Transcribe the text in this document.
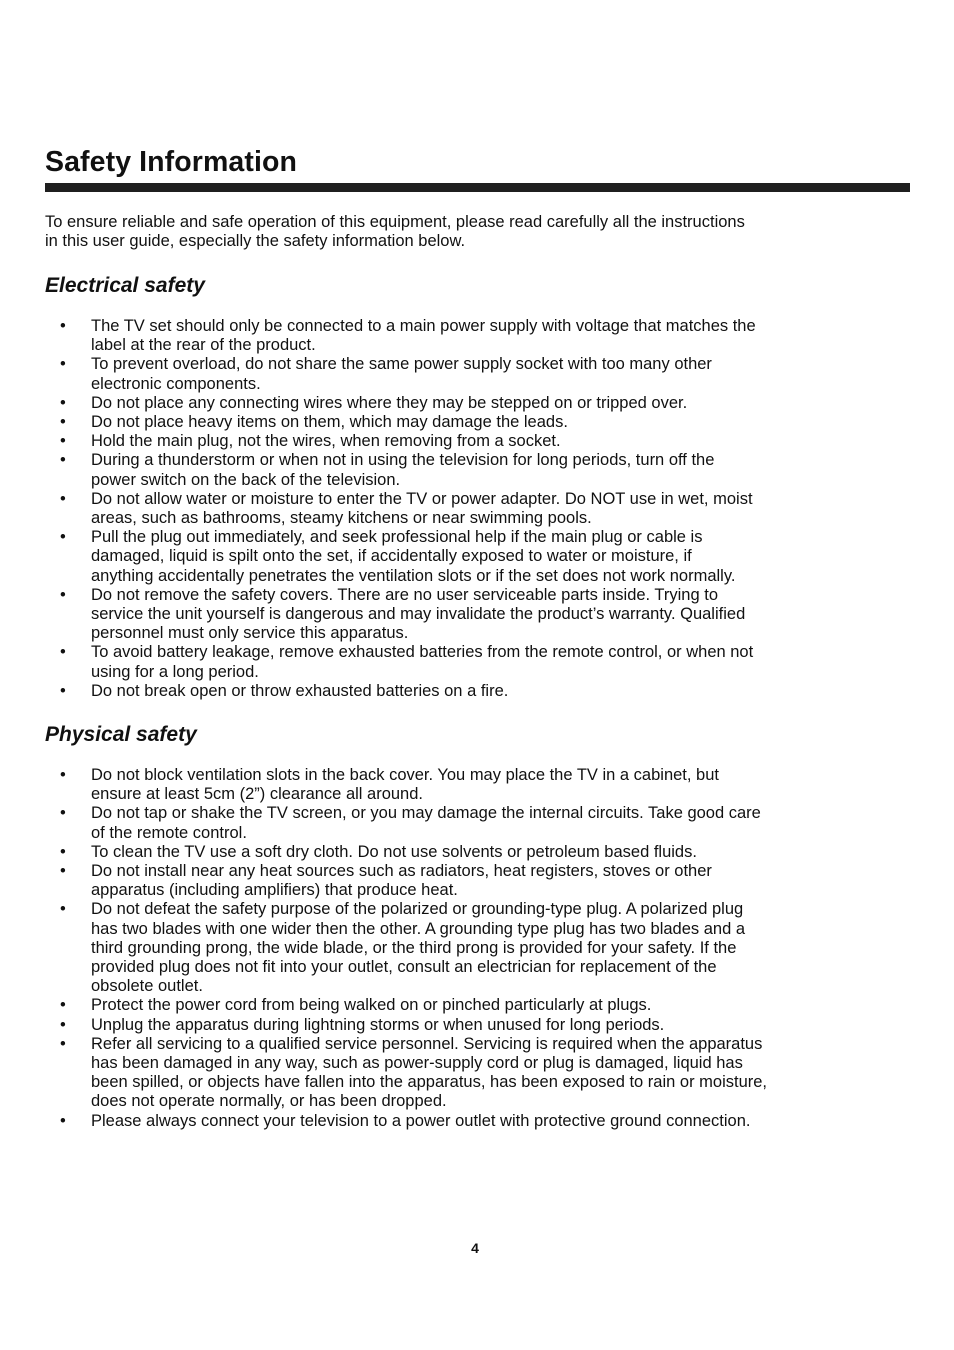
Safety Information

To ensure reliable and safe operation of this equipment, please read carefully all the instructions
in this user guide, especially the safety information below.

Electrical safety
• The TV set should only be connected to a main power supply with voltage that matches the
label at the rear of the product.
• To prevent overload, do not share the same power supply socket with too many other
electronic components.
• Do not place any connecting wires where they may be stepped on or tripped over.
• Do not place heavy items on them, which may damage the leads.
• Hold the main plug, not the wires, when removing from a socket.
• During a thunderstorm or when not in using the television for long periods, turn off the
power switch on the back of the television.
• Do not allow water or moisture to enter the TV or power adapter. Do NOT use in wet, moist
areas, such as bathrooms, steamy kitchens or near swimming pools.
• Pull the plug out immediately, and seek professional help if the main plug or cable is
damaged, liquid is spilt onto the set, if accidentally exposed to water or moisture, if
anything accidentally penetrates the ventilation slots or if the set does not work normally.
• Do not remove the safety covers. There are no user serviceable parts inside. Trying to
service the unit yourself is dangerous and may invalidate the product’s warranty. Qualified
personnel must only service this apparatus.
• To avoid battery leakage, remove exhausted batteries from the remote control, or when not
using for a long period.
• Do not break open or throw exhausted batteries on a fire.
Physical safety
• Do not block ventilation slots in the back cover. You may place the TV in a cabinet, but
ensure at least 5cm (2”) clearance all around.
• Do not tap or shake the TV screen, or you may damage the internal circuits. Take good care
of the remote control.
• To clean the TV use a soft dry cloth. Do not use solvents or petroleum based fluids.
• Do not install near any heat sources such as radiators, heat registers, stoves or other
apparatus (including amplifiers) that produce heat.
• Do not defeat the safety purpose of the polarized or grounding-type plug. A polarized plug
has two blades with one wider then the other. A grounding type plug has two blades and a
third grounding prong, the wide blade, or the third prong is provided for your safety. If the
provided plug does not fit into your outlet, consult an electrician for replacement of the
obsolete outlet.
• Protect the power cord from being walked on or pinched particularly at plugs.
• Unplug the apparatus during lightning storms or when unused for long periods.
• Refer all servicing to a qualified service personnel. Servicing is required when the apparatus
has been damaged in any way, such as power-supply cord or plug is damaged, liquid has
been spilled, or objects have fallen into the apparatus, has been exposed to rain or moisture,
does not operate normally, or has been dropped.
• Please always connect your television to a power outlet with protective ground connection.
4
